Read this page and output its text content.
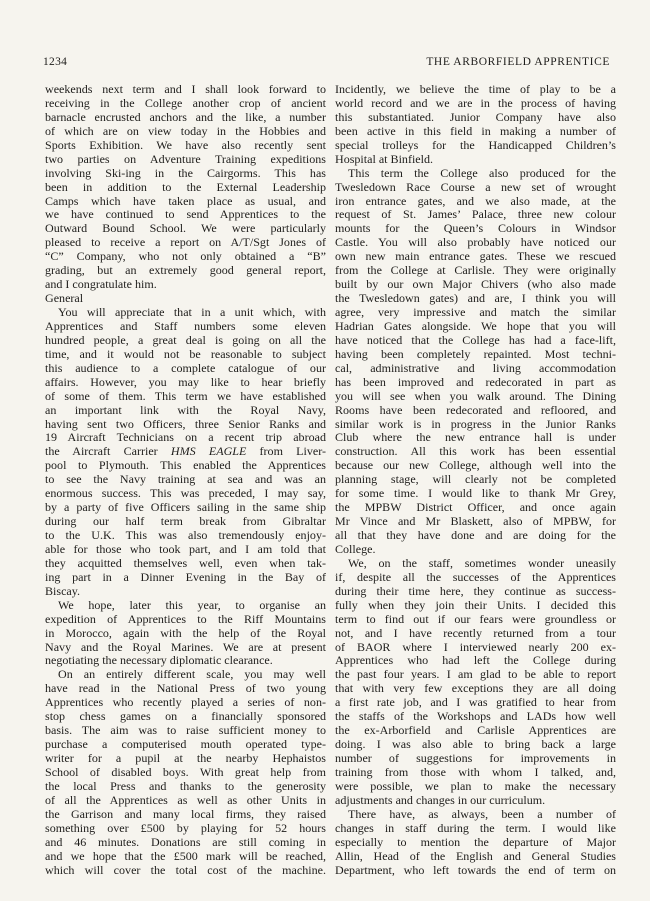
1234	THE ARBORFIELD APPRENTICE
weekends next term and I shall look forward to
receiving in the College another crop of ancient
barnacle encrusted anchors and the like, a number
of which are on view today in the Hobbies and
Sports Exhibition. We have also recently sent
two parties on Adventure Training expeditions
involving Ski-ing in the Cairgorms. This has
been in addition to the External Leadership
Camps which have taken place as usual, and
we have continued to send Apprentices to the
Outward Bound School. We were particularly
pleased to receive a report on A/T/Sgt Jones of
“C” Company, who not only obtained a “B”
grading, but an extremely good general report,
and I congratulate him.
General
You will appreciate that in a unit which, with
Apprentices and Staff numbers some eleven
hundred people, a great deal is going on all the
time, and it would not be reasonable to subject
this audience to a complete catalogue of our
affairs. However, you may like to hear briefly
of some of them. This term we have established
an important link with the Royal Navy,
having sent two Officers, three Senior Ranks and
19 Aircraft Technicians on a recent trip abroad
the Aircraft Carrier HMS EAGLE from Liver-
pool to Plymouth. This enabled the Apprentices
to see the Navy training at sea and was an
enormous success. This was preceded, I may say,
by a party of five Officers sailing in the same ship
during our half term break from Gibraltar
to the U.K. This was also tremendously enjoy-
able for those who took part, and I am told that
they acquitted themselves well, even when tak-
ing part in a Dinner Evening in the Bay of
Biscay.
We hope, later this year, to organise an
expedition of Apprentices to the Riff Mountains
in Morocco, again with the help of the Royal
Navy and the Royal Marines. We are at present
negotiating the necessary diplomatic clearance.
On an entirely different scale, you may well
have read in the National Press of two young
Apprentices who recently played a series of non-
stop chess games on a financially sponsored
basis. The aim was to raise sufficient money to
purchase a computerised mouth operated type-
writer for a pupil at the nearby Hephaistos
School of disabled boys. With great help from
the local Press and thanks to the generosity
of all the Apprentices as well as other Units in
the Garrison and many local firms, they raised
something over £500 by playing for 52 hours
and 46 minutes. Donations are still coming in
and we hope that the £500 mark will be reached,
which will cover the total cost of the machine.
Incidently, we believe the time of play to be a
world record and we are in the process of having
this substantiated. Junior Company have also
been active in this field in making a number of
special trolleys for the Handicapped Children’s
Hospital at Binfield.
This term the College also produced for the
Twesledown Race Course a new set of wrought
iron entrance gates, and we also made, at the
request of St. James’ Palace, three new colour
mounts for the Queen’s Colours in Windsor
Castle. You will also probably have noticed our
own new main entrance gates. These we rescued
from the College at Carlisle. They were originally
built by our own Major Chivers (who also made
the Twesledown gates) and are, I think you will
agree, very impressive and match the similar
Hadrian Gates alongside. We hope that you will
have noticed that the College has had a face-lift,
having been completely repainted. Most techni-
cal, administrative and living accommodation
has been improved and redecorated in part as
you will see when you walk around. The Dining
Rooms have been redecorated and refloored, and
similar work is in progress in the Junior Ranks
Club where the new entrance hall is under
construction. All this work has been essential
because our new College, although well into the
planning stage, will clearly not be completed
for some time. I would like to thank Mr Grey,
the MPBW District Officer, and once again
Mr Vince and Mr Blaskett, also of MPBW, for
all that they have done and are doing for the
College.
We, on the staff, sometimes wonder uneasily
if, despite all the successes of the Apprentices
during their time here, they continue as success-
fully when they join their Units. I decided this
term to find out if our fears were groundless or
not, and I have recently returned from a tour
of BAOR where I interviewed nearly 200 ex-
Apprentices who had left the College during
the past four years. I am glad to be able to report
that with very few exceptions they are all doing
a first rate job, and I was gratified to hear from
the staffs of the Workshops and LADs how well
the ex-Arborfield and Carlisle Apprentices are
doing. I was also able to bring back a large
number of suggestions for improvements in
training from those with whom I talked, and,
were possible, we plan to make the necessary
adjustments and changes in our curriculum.
There have, as always, been a number of
changes in staff during the term. I would like
especially to mention the departure of Major
Allin, Head of the English and General Studies
Department, who left towards the end of term on
